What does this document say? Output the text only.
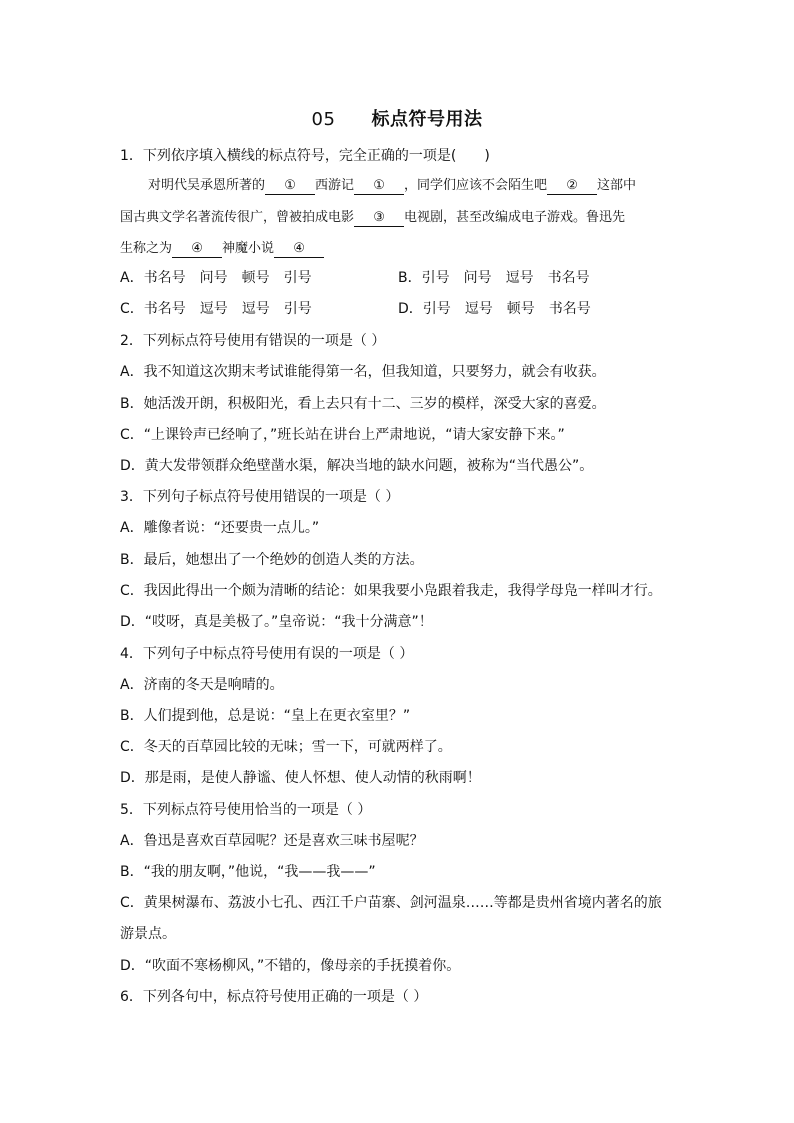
05 标点符号用法
1．下列依序填入横线的标点符号，完全正确的一项是(　　)
对明代吴承恩所著的 ① 西游记 ① ，同学们应该不会陌生吧 ② 这部中
国古典文学名著流传很广，曾被拍成电影 ③ 电视剧，甚至改编成电子游戏。鲁迅先
生称之为 ④ 神魔小说 ④
A．书名号　问号　顿号　引号	B．引号　问号　逗号　书名号
C．书名号　逗号　逗号　引号	D．引号　逗号　顿号　书名号
2．下列标点符号使用有错误的一项是（ ）
A．我不知道这次期末考试谁能得第一名，但我知道，只要努力，就会有收获。
B．她活泼开朗，积极阳光，看上去只有十二、三岁的模样，深受大家的喜爱。
C．“上课铃声已经响了，”班长站在讲台上严肃地说，“请大家安静下来。”
D．黄大发带领群众绝壁凿水渠，解决当地的缺水问题，被称为“当代愚公”。
3．下列句子标点符号使用错误的一项是（ ）
A．雕像者说：“还要贵一点儿。”
B．最后，她想出了一个绝妙的创造人类的方法。
C．我因此得出一个颇为清晰的结论：如果我要小凫跟着我走，我得学母凫一样叫才行。
D．“哎呀，真是美极了。”皇帝说：“我十分满意”！
4．下列句子中标点符号使用有误的一项是（ ）
A．济南的冬天是响晴的。
B．人们提到他，总是说：“皇上在更衣室里？”
C．冬天的百草园比较的无味；雪一下，可就两样了。
D．那是雨，是使人静谧、使人怀想、使人动情的秋雨啊！
5．下列标点符号使用恰当的一项是（ ）
A．鲁迅是喜欢百草园呢？还是喜欢三味书屋呢？
B．“我的朋友啊，”他说，“我——我——”
C．黄果树瀑布、荔波小七孔、西江千户苗寨、剑河温泉……等都是贵州省境内著名的旅
游景点。
D．“吹面不寒杨柳风，”不错的，像母亲的手抚摸着你。
6．下列各句中，标点符号使用正确的一项是（ ）
